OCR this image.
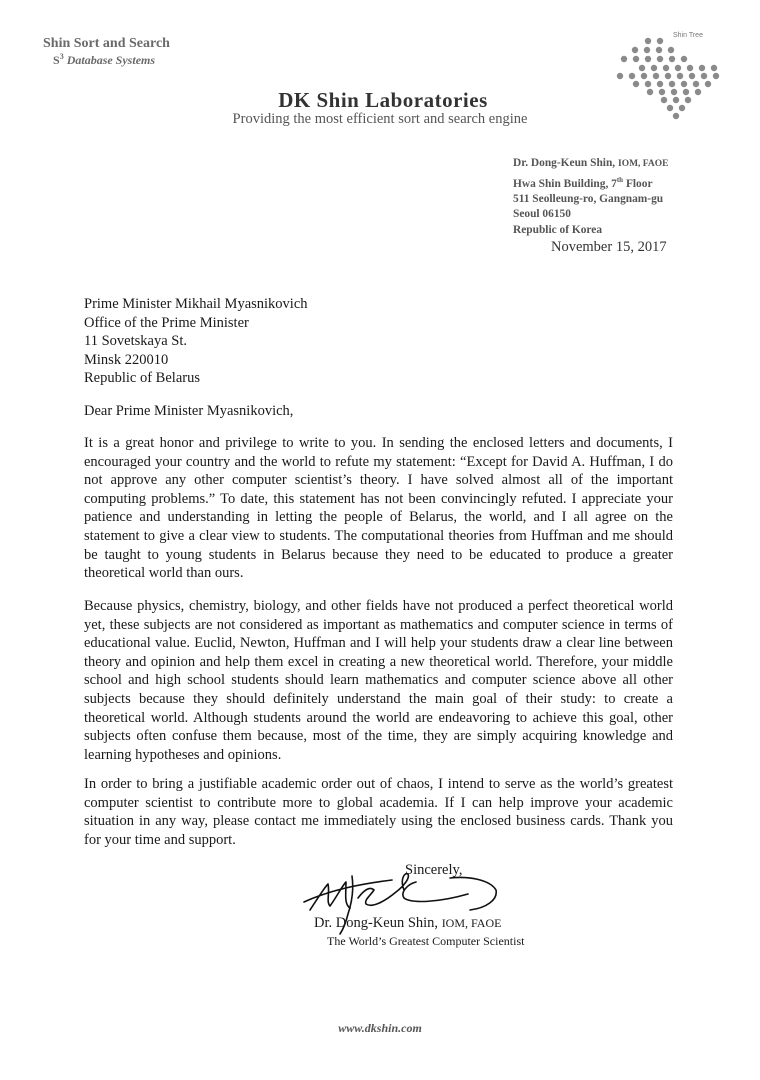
Shin Sort and Search
$S^3$ Database Systems
Shin Tree
DK Shin Laboratories
Providing the most efficient sort and search engine
Dr. Dong-Keun Shin, IOM, FAOE
Hwa Shin Building, 7th Floor
511 Seolleung-ro, Gangnam-gu
Seoul 06150
Republic of Korea
November 15, 2017
Prime Minister Mikhail Myasnikovich
Office of the Prime Minister
11 Sovetskaya St.
Minsk 220010
Republic of Belarus
Dear Prime Minister Myasnikovich,
It is a great honor and privilege to write to you. In sending the enclosed letters and documents, I encouraged your country and the world to refute my statement: “Except for David A. Huffman, I do not approve any other computer scientist’s theory. I have solved almost all of the important computing problems.” To date, this statement has not been convincingly refuted. I appreciate your patience and understanding in letting the people of Belarus, the world, and I all agree on the statement to give a clear view to students. The computational theories from Huffman and me should be taught to young students in Belarus because they need to be educated to produce a greater theoretical world than ours.
Because physics, chemistry, biology, and other fields have not produced a perfect theoretical world yet, these subjects are not considered as important as mathematics and computer science in terms of educational value. Euclid, Newton, Huffman and I will help your students draw a clear line between theory and opinion and help them excel in creating a new theoretical world. Therefore, your middle school and high school students should learn mathematics and computer science above all other subjects because they should definitely understand the main goal of their study: to create a theoretical world. Although students around the world are endeavoring to achieve this goal, other subjects often confuse them because, most of the time, they are simply acquiring knowledge and learning hypotheses and opinions.
In order to bring a justifiable academic order out of chaos, I intend to serve as the world’s greatest computer scientist to contribute more to global academia. If I can help improve your academic situation in any way, please contact me immediately using the enclosed business cards. Thank you for your time and support.
Sincerely,
Dr. Dong-Keun Shin, IOM, FAOE
The World’s Greatest Computer Scientist
www.dkshin.com
